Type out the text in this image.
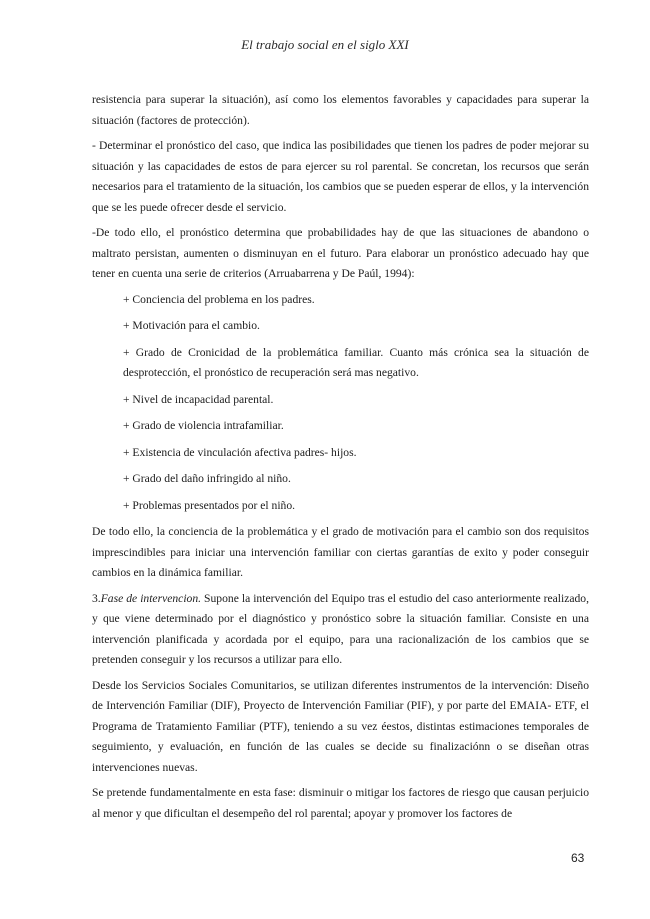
El trabajo social en el siglo XXI

resistencia para superar la situación), así como los elementos favorables y capacidades para superar la situación (factores de protección).

- Determinar el pronóstico del caso, que indica las posibilidades que tienen los padres de poder mejorar su situación y las capacidades de estos de para ejercer su rol parental. Se concretan, los recursos que serán necesarios para el tratamiento de la situación, los cambios que se pueden esperar de ellos, y la intervención que se les puede ofrecer desde el servicio.

-De todo ello, el pronóstico determina que probabilidades hay de que las situaciones de abandono o maltrato persistan, aumenten o disminuyan en el futuro. Para elaborar un pronóstico adecuado hay que tener en cuenta una serie de criterios (Arruabarrena y De Paúl, 1994):

+ Conciencia del problema en los padres.

+ Motivación para el cambio.

+ Grado de Cronicidad de la problemática familiar. Cuanto más crónica sea la situación de desprotección, el pronóstico de recuperación será mas negativo.

+ Nivel de incapacidad parental.

+ Grado de violencia intrafamiliar.

+ Existencia de vinculación afectiva padres- hijos.

+ Grado del daño infringido al niño.

+ Problemas presentados por el niño.

De todo ello, la conciencia de la problemática y el grado de motivación para el cambio son dos requisitos imprescindibles para iniciar una intervención familiar con ciertas garantías de exito y poder conseguir cambios en la dinámica familiar.

3.Fase de intervencion. Supone la intervención del Equipo tras el estudio del caso anteriormente realizado, y que viene determinado por el diagnóstico y pronóstico sobre la situación familiar. Consiste en una intervención planificada y acordada por el equipo, para una racionalización de los cambios que se pretenden conseguir y los recursos a utilizar para ello.

Desde los Servicios Sociales Comunitarios, se utilizan diferentes instrumentos de la intervención: Diseño de Intervención Familiar (DIF), Proyecto de Intervención Familiar (PIF), y por parte del EMAIA- ETF, el Programa de Tratamiento Familiar (PTF), teniendo a su vez éestos, distintas estimaciones temporales de seguimiento, y evaluación, en función de las cuales se decide su finalizaciónn o se diseñan otras intervenciones nuevas.

Se pretende fundamentalmente en esta fase: disminuir o mitigar los factores de riesgo que causan perjuicio al menor y que dificultan el desempeño del rol parental; apoyar y promover los factores de

63
